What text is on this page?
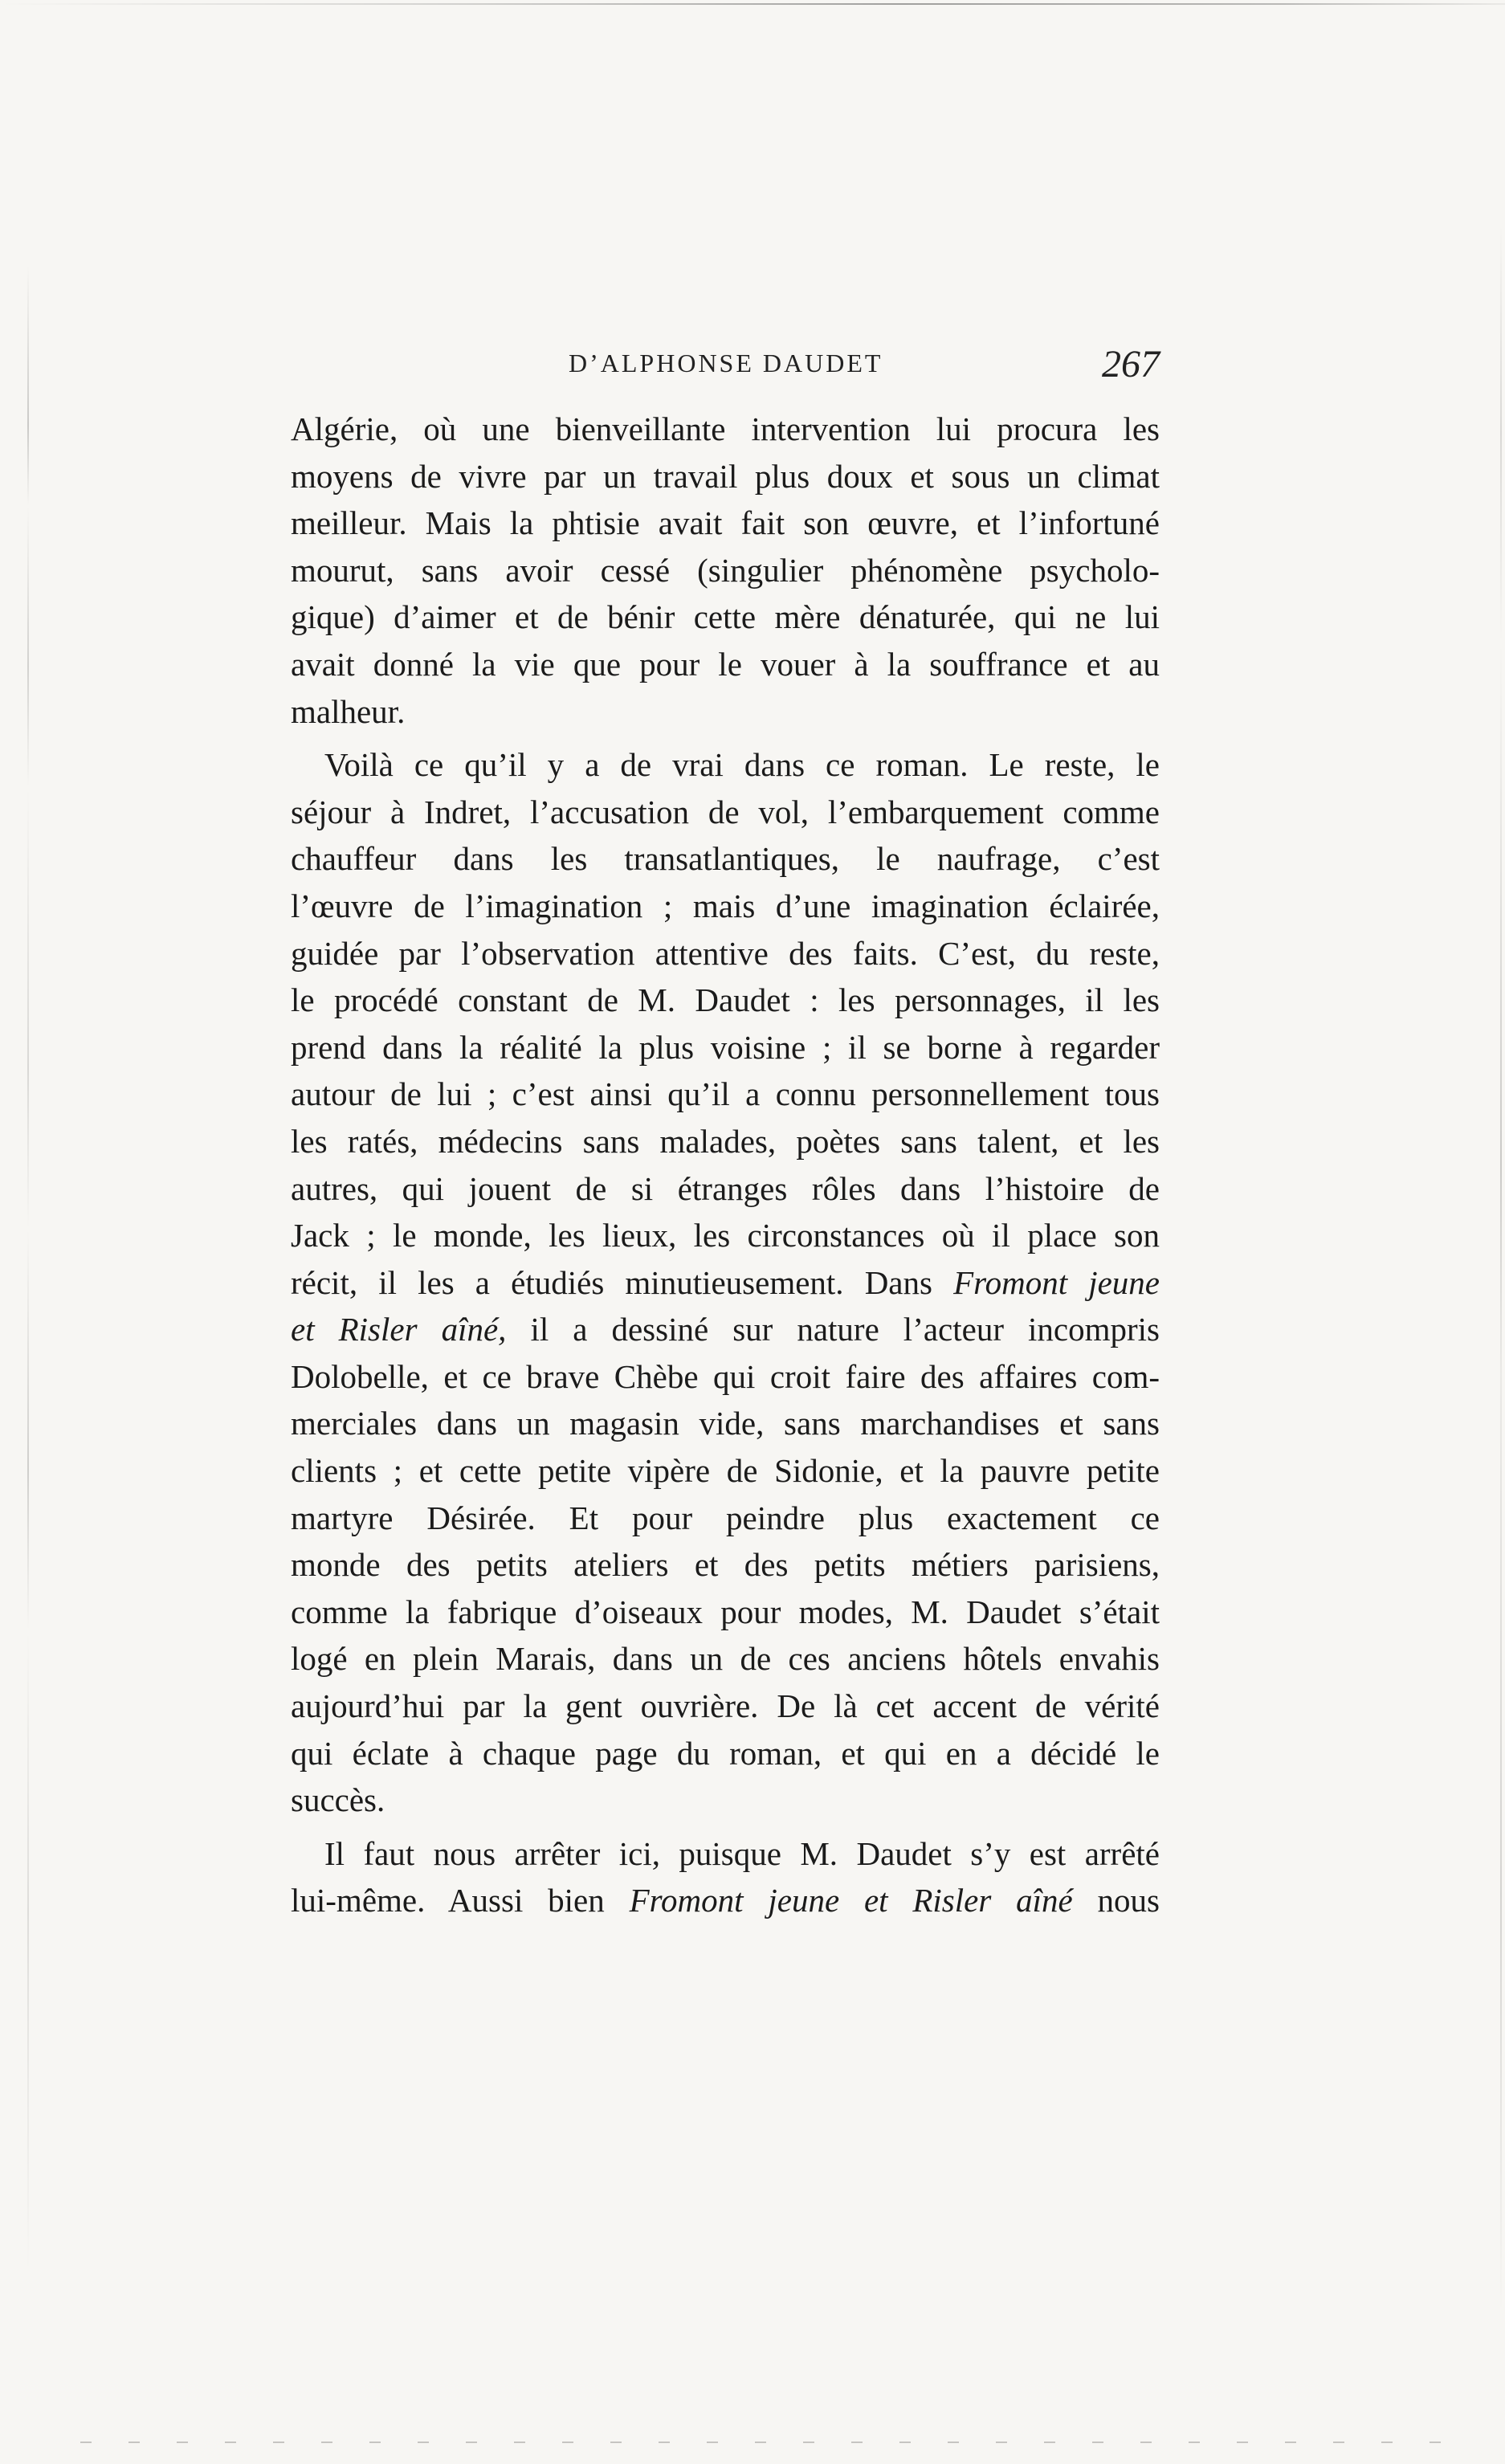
D’ALPHONSE DAUDET	267
Algérie, où une bienveillante intervention lui procura les
moyens de vivre par un travail plus doux et sous un climat
meilleur. Mais la phtisie avait fait son œuvre, et l’infortuné
mourut, sans avoir cessé (singulier phénomène psycholo-
gique) d’aimer et de bénir cette mère dénaturée, qui ne lui
avait donné la vie que pour le vouer à la souffrance et au
malheur.
Voilà ce qu’il y a de vrai dans ce roman. Le reste, le
séjour à Indret, l’accusation de vol, l’embarquement comme
chauffeur dans les transatlantiques, le naufrage, c’est
l’œuvre de l’imagination ; mais d’une imagination éclairée,
guidée par l’observation attentive des faits. C’est, du reste,
le procédé constant de M. Daudet : les personnages, il les
prend dans la réalité la plus voisine ; il se borne à regarder
autour de lui ; c’est ainsi qu’il a connu personnellement tous
les ratés, médecins sans malades, poètes sans talent, et les
autres, qui jouent de si étranges rôles dans l’histoire de
Jack ; le monde, les lieux, les circonstances où il place son
récit, il les a étudiés minutieusement. Dans Fromont jeune
et Risler aîné, il a dessiné sur nature l’acteur incompris
Dolobelle, et ce brave Chèbe qui croit faire des affaires com-
merciales dans un magasin vide, sans marchandises et sans
clients ; et cette petite vipère de Sidonie, et la pauvre petite
martyre Désirée. Et pour peindre plus exactement ce
monde des petits ateliers et des petits métiers parisiens,
comme la fabrique d’oiseaux pour modes, M. Daudet s’était
logé en plein Marais, dans un de ces anciens hôtels envahis
aujourd’hui par la gent ouvrière. De là cet accent de vérité
qui éclate à chaque page du roman, et qui en a décidé le
succès.
Il faut nous arrêter ici, puisque M. Daudet s’y est arrêté
lui-même. Aussi bien Fromont jeune et Risler aîné nous
